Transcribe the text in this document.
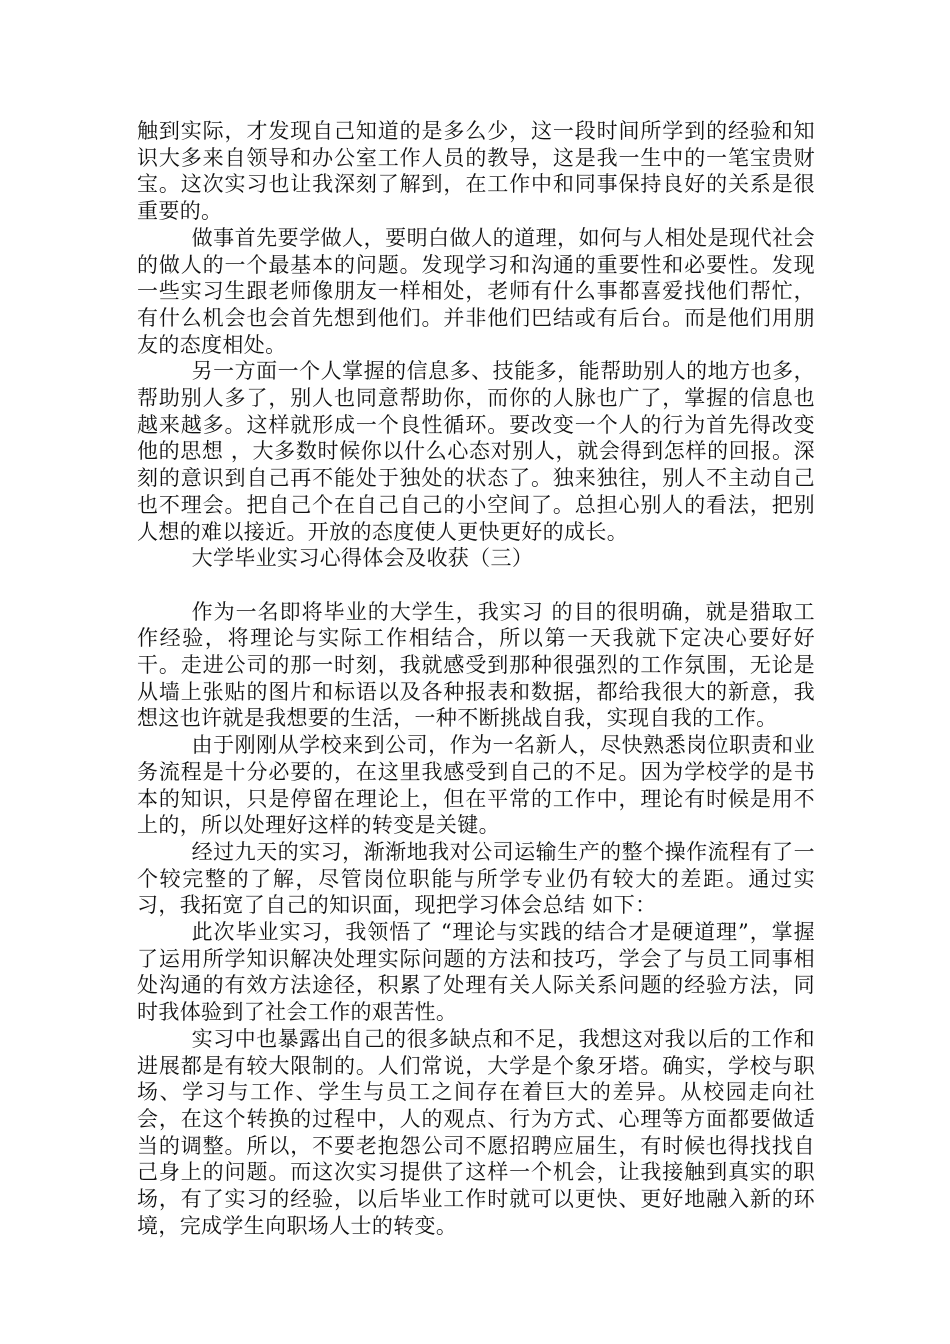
触到实际，才发现自己知道的是多么少，这一段时间所学到的经验和知识大多来自领导和办公室工作人员的教导，这是我一生中的一笔宝贵财宝。这次实习也让我深刻了解到，在工作中和同事保持良好的关系是很重要的。

做事首先要学做人，要明白做人的道理，如何与人相处是现代社会的做人的一个最基本的问题。发现学习和沟通的重要性和必要性。发现一些实习生跟老师像朋友一样相处，老师有什么事都喜爱找他们帮忙，有什么机会也会首先想到他们。并非他们巴结或有后台。而是他们用朋友的态度相处。

另一方面一个人掌握的信息多、技能多，能帮助别人的地方也多，帮助别人多了，别人也同意帮助你，而你的人脉也广了，掌握的信息也越来越多。这样就形成一个良性循环。要改变一个人的行为首先得改变他的思想 ，大多数时候你以什么心态对别人，就会得到怎样的回报。深刻的意识到自己再不能处于独处的状态了。独来独往，别人不主动自己也不理会。把自己个在自己自己的小空间了。总担心别人的看法，把别人想的难以接近。开放的态度使人更快更好的成长。

大学毕业实习心得体会及收获（三）

作为一名即将毕业的大学生，我实习 的目的很明确，就是猎取工作经验，将理论与实际工作相结合，所以第一天我就下定决心要好好干。走进公司的那一时刻，我就感受到那种很强烈的工作氛围，无论是从墙上张贴的图片和标语以及各种报表和数据，都给我很大的新意，我想这也许就是我想要的生活，一种不断挑战自我，实现自我的工作。

由于刚刚从学校来到公司，作为一名新人，尽快熟悉岗位职责和业务流程是十分必要的，在这里我感受到自己的不足。因为学校学的是书本的知识，只是停留在理论上，但在平常的工作中，理论有时候是用不上的，所以处理好这样的转变是关键。

经过九天的实习，渐渐地我对公司运输生产的整个操作流程有了一个较完整的了解，尽管岗位职能与所学专业仍有较大的差距。通过实习，我拓宽了自己的知识面，现把学习体会总结 如下：

此次毕业实习，我领悟了 “理论与实践的结合才是硬道理”，掌握了运用所学知识解决处理实际问题的方法和技巧，学会了与员工同事相处沟通的有效方法途径，积累了处理有关人际关系问题的经验方法，同时我体验到了社会工作的艰苦性。

实习中也暴露出自己的很多缺点和不足，我想这对我以后的工作和进展都是有较大限制的。人们常说，大学是个象牙塔。确实，学校与职场、学习与工作、学生与员工之间存在着巨大的差异。从校园走向社会，在这个转换的过程中，人的观点、行为方式、心理等方面都要做适当的调整。所以，不要老抱怨公司不愿招聘应届生，有时候也得找找自己身上的问题。而这次实习提供了这样一个机会，让我接触到真实的职场，有了实习的经验，以后毕业工作时就可以更快、更好地融入新的环境，完成学生向职场人士的转变。
